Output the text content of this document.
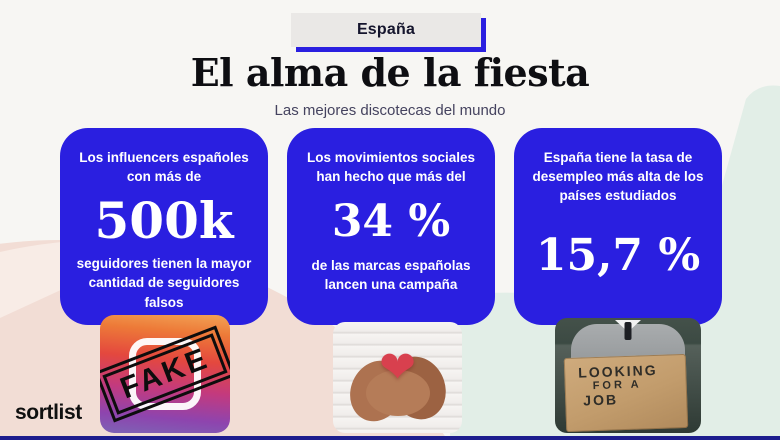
España
El alma de la fiesta
Las mejores discotecas del mundo
Los influencers españoles con más de
500k
seguidores tienen la mayor cantidad de seguidores falsos
Los movimientos sociales han hecho que más del
34 %
de las marcas españolas lancen una campaña
España tiene la tasa de desempleo más alta de los países estudiados
15,7 %
FAKE	❤	LOOKING
FOR A
JOB
sortlist
